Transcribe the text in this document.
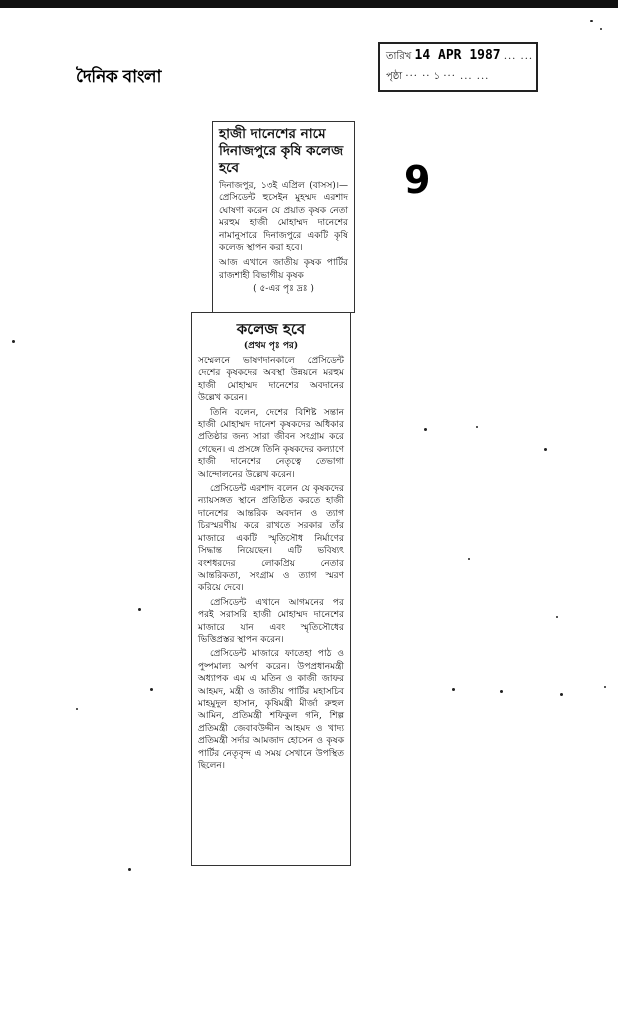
দৈনিক বাংলা
তারিখ 14 APR 1987 ... ...
পৃষ্ঠা ··· ·· ১ ··· ... ...
9

হাজী দানেশের নামে দিনাজপুরে কৃষি কলেজ হবে

দিনাজপুর, ১৩ই এপ্রিল (বাসস)।— প্রেসিডেন্ট হুসেইন মুহম্মদ এরশাদ ঘোষণা করেন যে প্রয়াত কৃষক নেতা মরহুম হাজী মোহাম্মদ দানেশের নামানুসারে দিনাজপুরে একটি কৃষি কলেজ স্থাপন করা হবে।

আজ এখানে জাতীয় কৃষক পার্টির রাজশাহী বিভাগীয় কৃষক

( ৫-এর পৃঃ দ্রঃ )

কলেজ হবে

(প্রথম পৃঃ পর)

সম্মেলনে ভাষণদানকালে প্রেসিডেন্ট দেশের কৃষকদের অবস্থা উন্নয়নে মরহুম হাজী মোহাম্মদ দানেশের অবদানের উল্লেখ করেন।

তিনি বলেন, দেশের বিশিষ্ট সন্তান হাজী মোহাম্মদ দানেশ কৃষকদের অধিকার প্রতিষ্ঠার জন্য সারা জীবন সংগ্রাম করে গেছেন। এ প্রসঙ্গে তিনি কৃষকদের কল্যাণে হাজী দানেশের নেতৃত্বে তেভাগা আন্দোলনের উল্লেখ করেন।

প্রেসিডেন্ট এরশাদ বলেন যে কৃষকদের ন্যায়সঙ্গত স্থানে প্রতিষ্ঠিত করতে হাজী দানেশের আন্তরিক অবদান ও ত্যাগ চিরস্মরণীয় করে রাখতে সরকার তাঁর মাজারে একটি স্মৃতিসৌধ নির্মাণের সিদ্ধান্ত নিয়েছেন। এটি ভবিষ্যৎ বংশধরদের লোকপ্রিয় নেতার আন্তরিকতা, সংগ্রাম ও ত্যাগ স্মরণ করিয়ে দেবে।

প্রেসিডেন্ট এখানে আগমনের পর পরই সরাসরি হাজী মোহাম্মদ দানেশের মাজারে যান এবং স্মৃতিসৌধের ভিত্তিপ্রস্তর স্থাপন করেন।

প্রেসিডেন্ট মাজারে ফাতেহা পাঠ ও পুষ্পমাল্য অর্পণ করেন। উপপ্রধানমন্ত্রী অধ্যাপক এম এ মতিন ও কাজী জাফর আহমদ, মন্ত্রী ও জাতীয় পার্টির মহাসচিব মাহমুদুল হাসান, কৃষিমন্ত্রী মীর্জা রুহুল আমিন, প্রতিমন্ত্রী শফিকুল গনি, শিল্প প্রতিমন্ত্রী জেবাবউদ্দীন আহমদ ও খাদ্য প্রতিমন্ত্রী সর্দার আমজাদ হোসেন ও কৃষক পার্টির নেতৃবৃন্দ এ সময় সেখানে উপস্থিত ছিলেন।
